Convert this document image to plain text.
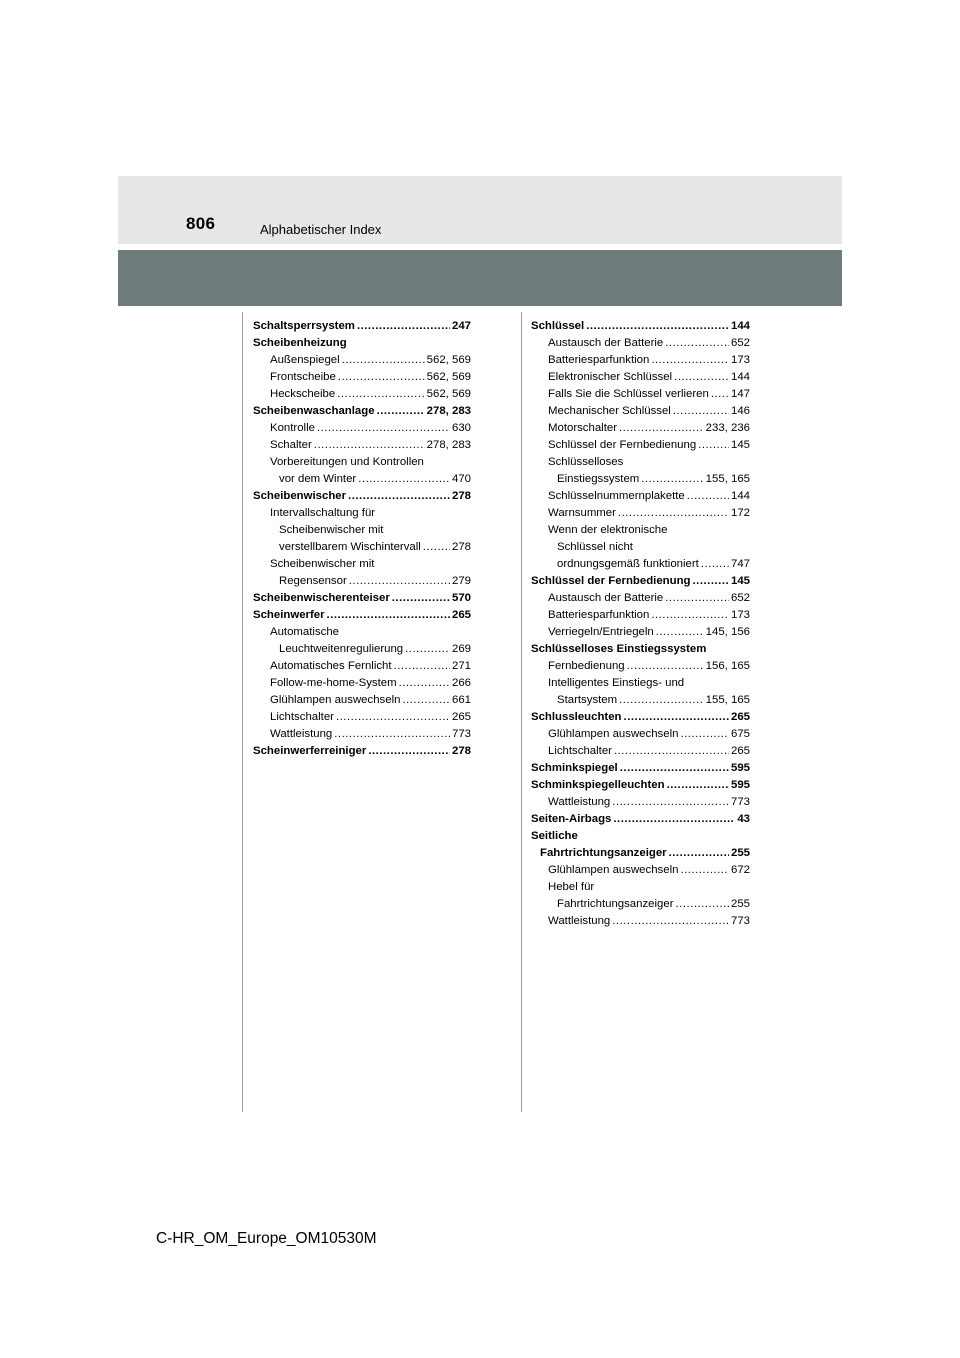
806	Alphabetischer Index
Schaltsperrsystem .....	247
Scheibenheizung
Außenspiegel .....	562, 569
Frontscheibe .....	562, 569
Heckscheibe .....	562, 569
Scheibenwaschanlage .....	278, 283
Kontrolle .....	630
Schalter .....	278, 283
Vorbereitungen und Kontrollen
vor dem Winter .....	470
Scheibenwischer .....	278
Intervallschaltung für
Scheibenwischer mit
verstellbarem Wischintervall .....	278
Scheibenwischer mit
Regensensor .....	279
Scheibenwischerenteiser .....	570
Scheinwerfer .....	265
Automatische
Leuchtweitenregulierung .....	269
Automatisches Fernlicht .....	271
Follow-me-home-System .....	266
Glühlampen auswechseln .....	661
Lichtschalter .....	265
Wattleistung .....	773
Scheinwerferreiniger .....	278
Schlüssel .....	144
Austausch der Batterie .....	652
Batteriesparfunktion .....	173
Elektronischer Schlüssel .....	144
Falls Sie die Schlüssel verlieren ..... 147
Mechanischer Schlüssel .....	146
Motorschalter .....	233, 236
Schlüssel der Fernbedienung .....	145
Schlüsselloses
Einstiegssystem .....	155, 165
Schlüsselnummernplakette .....	144
Warnsummer .....	172
Wenn der elektronische
Schlüssel nicht
ordnungsgemäß funktioniert .....	747
Schlüssel der Fernbedienung .....	145
Austausch der Batterie .....	652
Batteriesparfunktion .....	173
Verriegeln/Entriegeln .....	145, 156
Schlüsselloses Einstiegssystem
Fernbedienung .....	156, 165
Intelligentes Einstiegs- und
Startsystem .....	155, 165
Schlussleuchten .....	265
Glühlampen auswechseln .....	675
Lichtschalter .....	265
Schminkspiegel .....	595
Schminkspiegelleuchten .....	595
Wattleistung .....	773
Seiten-Airbags .....	43
Seitliche
Fahrtrichtungsanzeiger .....	255
Glühlampen auswechseln .....	672
Hebel für
Fahrtrichtungsanzeiger .....	255
Wattleistung .....	773
C-HR_OM_Europe_OM10530M
